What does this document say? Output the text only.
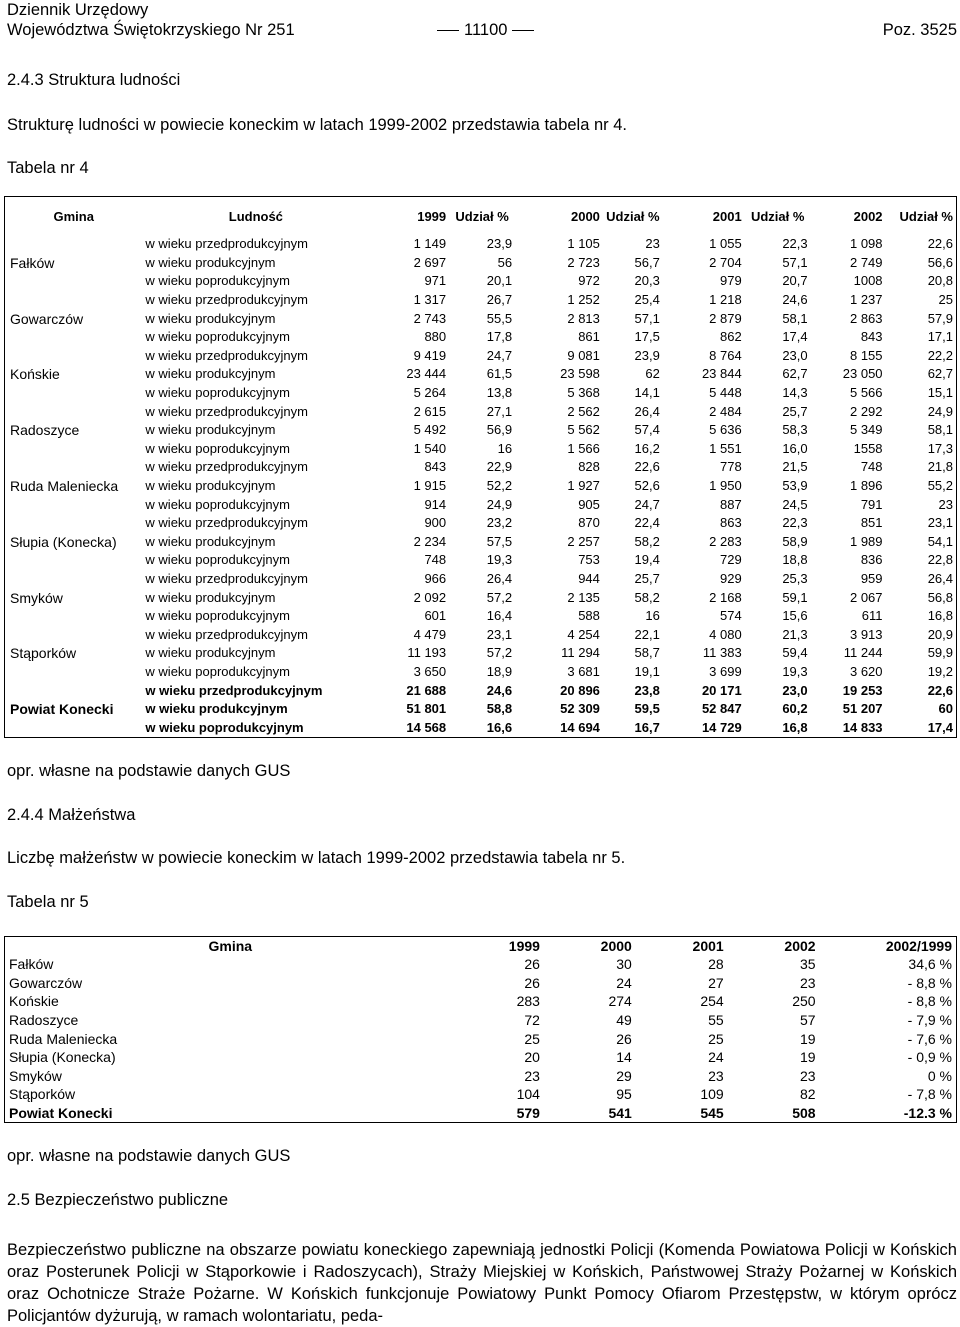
Dziennik Urzędowy
Województwa Świętokrzyskiego Nr 251	11100	Poz. 3525
2.4.3 Struktura ludności
Strukturę ludności w powiecie koneckim w latach 1999-2002 przedstawia tabela nr 4.
Tabela nr 4
Gmina	Ludność	1999	Udział %	2000	Udział %	2001	Udział %	2002	Udział %
Fałków	w wieku przedprodukcyjnym	1 149	23,9	1 105	23	1 055	22,3	1 098	22,6
	w wieku produkcyjnym	2 697	56	2 723	56,7	2 704	57,1	2 749	56,6
	w wieku poprodukcyjnym	971	20,1	972	20,3	979	20,7	1008	20,8
Gowarczów	w wieku przedprodukcyjnym	1 317	26,7	1 252	25,4	1 218	24,6	1 237	25
	w wieku produkcyjnym	2 743	55,5	2 813	57,1	2 879	58,1	2 863	57,9
	w wieku poprodukcyjnym	880	17,8	861	17,5	862	17,4	843	17,1
Końskie	w wieku przedprodukcyjnym	9 419	24,7	9 081	23,9	8 764	23,0	8 155	22,2
	w wieku produkcyjnym	23 444	61,5	23 598	62	23 844	62,7	23 050	62,7
	w wieku poprodukcyjnym	5 264	13,8	5 368	14,1	5 448	14,3	5 566	15,1
Radoszyce	w wieku przedprodukcyjnym	2 615	27,1	2 562	26,4	2 484	25,7	2 292	24,9
	w wieku produkcyjnym	5 492	56,9	5 562	57,4	5 636	58,3	5 349	58,1
	w wieku poprodukcyjnym	1 540	16	1 566	16,2	1 551	16,0	1558	17,3
Ruda Maleniecka	w wieku przedprodukcyjnym	843	22,9	828	22,6	778	21,5	748	21,8
	w wieku produkcyjnym	1 915	52,2	1 927	52,6	1 950	53,9	1 896	55,2
	w wieku poprodukcyjnym	914	24,9	905	24,7	887	24,5	791	23
Słupia (Konecka)	w wieku przedprodukcyjnym	900	23,2	870	22,4	863	22,3	851	23,1
	w wieku produkcyjnym	2 234	57,5	2 257	58,2	2 283	58,9	1 989	54,1
	w wieku poprodukcyjnym	748	19,3	753	19,4	729	18,8	836	22,8
Smyków	w wieku przedprodukcyjnym	966	26,4	944	25,7	929	25,3	959	26,4
	w wieku produkcyjnym	2 092	57,2	2 135	58,2	2 168	59,1	2 067	56,8
	w wieku poprodukcyjnym	601	16,4	588	16	574	15,6	611	16,8
Stąporków	w wieku przedprodukcyjnym	4 479	23,1	4 254	22,1	4 080	21,3	3 913	20,9
	w wieku produkcyjnym	11 193	57,2	11 294	58,7	11 383	59,4	11 244	59,9
	w wieku poprodukcyjnym	3 650	18,9	3 681	19,1	3 699	19,3	3 620	19,2
Powiat Konecki	w wieku przedprodukcyjnym	21 688	24,6	20 896	23,8	20 171	23,0	19 253	22,6
	w wieku produkcyjnym	51 801	58,8	52 309	59,5	52 847	60,2	51 207	60
	w wieku poprodukcyjnym	14 568	16,6	14 694	16,7	14 729	16,8	14 833	17,4
opr. własne na podstawie danych GUS
2.4.4 Małżeństwa
Liczbę małżeństw w powiecie koneckim w latach 1999-2002 przedstawia tabela nr 5.
Tabela nr 5
Gmina	1999	2000	2001	2002	2002/1999
Fałków	26	30	28	35	34,6 %
Gowarczów	26	24	27	23	- 8,8 %
Końskie	283	274	254	250	- 8,8 %
Radoszyce	72	49	55	57	- 7,9 %
Ruda Maleniecka	25	26	25	19	- 7,6 %
Słupia (Konecka)	20	14	24	19	- 0,9 %
Smyków	23	29	23	23	0 %
Stąporków	104	95	109	82	- 7,8 %
Powiat Konecki	579	541	545	508	-12.3 %
opr. własne na podstawie danych GUS
2.5 Bezpieczeństwo publiczne
Bezpieczeństwo publiczne na obszarze powiatu koneckiego zapewniają jednostki Policji (Komenda Powiatowa Policji w Końskich oraz Posterunek Policji w Stąporkowie i Radoszycach), Straży Miejskiej w Końskich, Państwowej Straży Pożarnej w Końskich oraz Ochotnicze Straże Pożarne. W Końskich funkcjonuje Powiatowy Punkt Pomocy Ofiarom Przestępstw, w którym oprócz Policjantów dyżurują, w ramach wolontariatu, peda-
